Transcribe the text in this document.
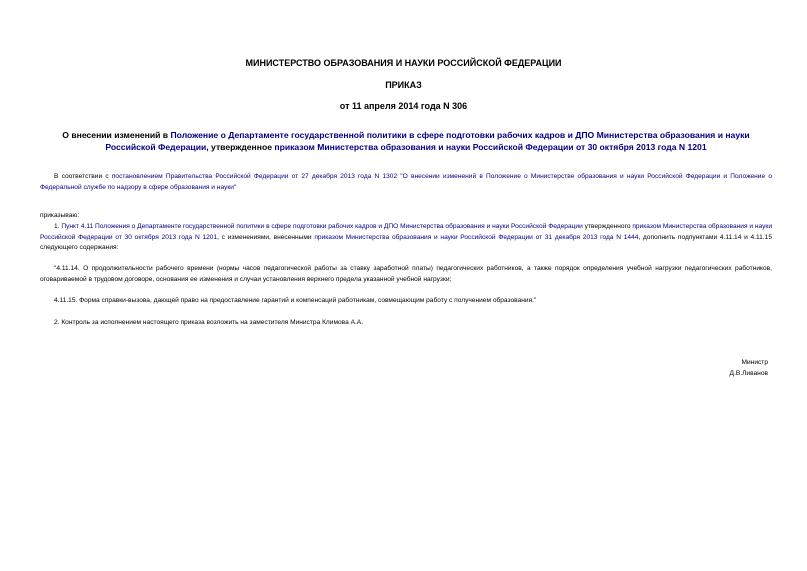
МИНИСТЕРСТВО ОБРАЗОВАНИЯ И НАУКИ РОССИЙСКОЙ ФЕДЕРАЦИИ
ПРИКАЗ
от 11 апреля 2014 года N 306
О внесении изменений в Положение о Департаменте государственной политики в сфере подготовки рабочих кадров и ДПО Министерства образования и науки Российской Федерации, утвержденное приказом Министерства образования и науки Российской Федерации от 30 октября 2013 года N 1201
В соответствии с постановлением Правительства Российской Федерации от 27 декабря 2013 года N 1302 "О внесении изменений в Положение о Министерстве образования и науки Российской Федерации и Положение о Федеральной службе по надзору в сфере образования и науки"
приказываю:
1. Пункт 4.11 Положения о Департаменте государственной политики в сфере подготовки рабочих кадров и ДПО Министерства образования и науки Российской Федерации утвержденного приказом Министерства образования и науки Российской Федерации от 30 октября 2013 года N 1201, с изменениями, внесенными приказом Министерства образования и науки Российской Федерации от 31 декабря 2013 года N 1444, дополнить подпунктами 4.11.14 и 4.11.15 следующего содержания:
"4.11.14. О продолжительности рабочего времени (нормы часов педагогической работы за ставку заработной платы) педагогических работников, а также порядок определения учебной нагрузки педагогических работников, оговариваемой в трудовом договоре, основания ее изменения и случаи установления верхнего предела указанной учебной нагрузки;
4.11.15. Форма справки-вызова, дающей право на предоставление гарантий и компенсаций работникам, совмещающим работу с получением образования."
2. Контроль за исполнением настоящего приказа возложить на заместителя Министра Климова А.А.
Министр
Д.В.Ливанов
